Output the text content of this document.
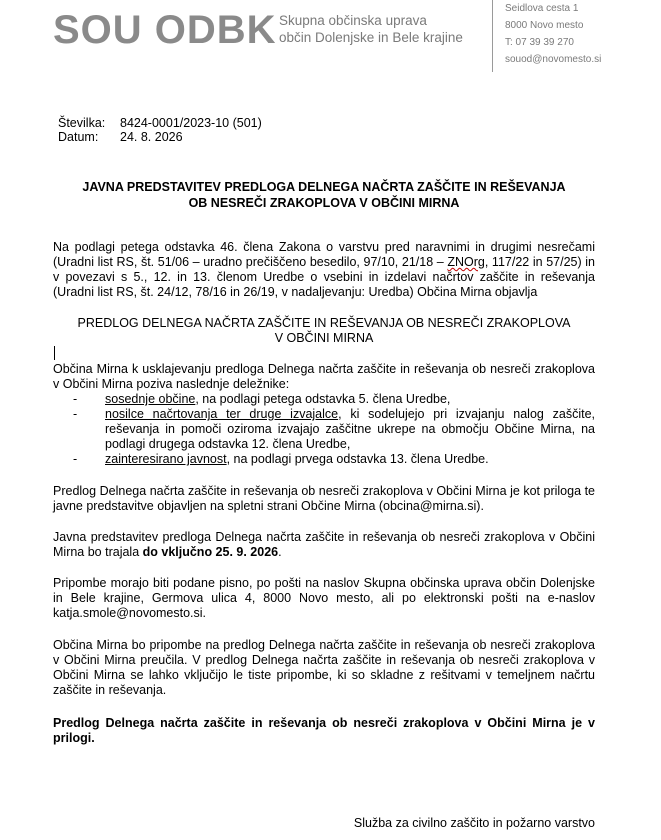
SOU ODBK Skupna občinska uprava
občin Dolenjske in Bele krajine
Seidlova cesta 1
8000 Novo mesto
T: 07 39 39 270
souod@novomesto.si
Številka:	8424-0001/2023-10 (501)
Datum:	24. 8. 2026
JAVNA PREDSTAVITEV PREDLOGA DELNEGA NAČRTA ZAŠČITE IN REŠEVANJA
OB NESREČI ZRAKOPLOVA V OBČINI MIRNA
Na podlagi petega odstavka 46. člena Zakona o varstvu pred naravnimi in drugimi nesrečami (Uradni list RS, št. 51/06 – uradno prečiščeno besedilo, 97/10, 21/18 – ZNOrg, 117/22 in 57/25) in v povezavi s 5., 12. in 13. členom Uredbe o vsebini in izdelavi načrtov zaščite in reševanja (Uradni list RS, št. 24/12, 78/16 in 26/19, v nadaljevanju: Uredba) Občina Mirna objavlja
PREDLOG DELNEGA NAČRTA ZAŠČITE IN REŠEVANJA OB NESREČI ZRAKOPLOVA
V OBČINI MIRNA
Občina Mirna k usklajevanju predloga Delnega načrta zaščite in reševanja ob nesreči zrakoplova v Občini Mirna poziva naslednje deležnike:
- sosednje občine, na podlagi petega odstavka 5. člena Uredbe,
- nosilce načrtovanja ter druge izvajalce, ki sodelujejo pri izvajanju nalog zaščite, reševanja in pomoči oziroma izvajajo zaščitne ukrepe na območju Občine Mirna, na podlagi drugega odstavka 12. člena Uredbe,
- zainteresirano javnost, na podlagi prvega odstavka 13. člena Uredbe.
Predlog Delnega načrta zaščite in reševanja ob nesreči zrakoplova v Občini Mirna je kot priloga te javne predstavitve objavljen na spletni strani Občine Mirna (obcina@mirna.si).
Javna predstavitev predloga Delnega načrta zaščite in reševanja ob nesreči zrakoplova v Občini Mirna bo trajala do vključno 25. 9. 2026.
Pripombe morajo biti podane pisno, po pošti na naslov Skupna občinska uprava občin Dolenjske in Bele krajine, Germova ulica 4, 8000 Novo mesto, ali po elektronski pošti na e-naslov katja.smole@novomesto.si.
Občina Mirna bo pripombe na predlog Delnega načrta zaščite in reševanja ob nesreči zrakoplova v Občini Mirna preučila. V predlog Delnega načrta zaščite in reševanja ob nesreči zrakoplova v Občini Mirna se lahko vključijo le tiste pripombe, ki so skladne z rešitvami v temeljnem načrtu zaščite in reševanja.
Predlog Delnega načrta zaščite in reševanja ob nesreči zrakoplova v Občini Mirna je v prilogi.
Služba za civilno zaščito in požarno varstvo
